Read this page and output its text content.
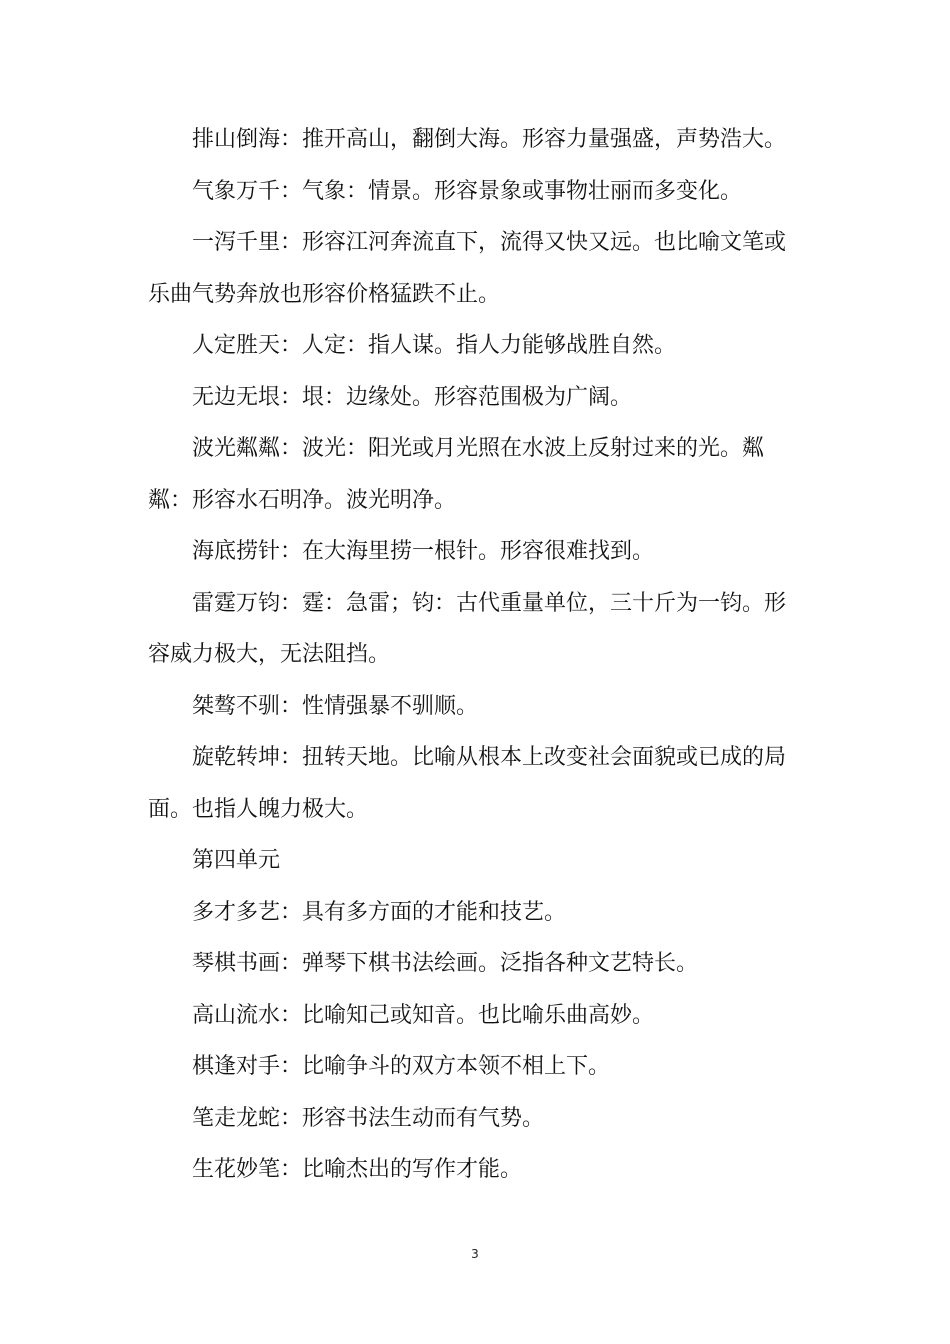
排山倒海：推开高山，翻倒大海。形容力量强盛，声势浩大。

气象万千：气象：情景。形容景象或事物壮丽而多变化。

一泻千里：形容江河奔流直下，流得又快又远。也比喻文笔或乐曲气势奔放也形容价格猛跌不止。

人定胜天：人定：指人谋。指人力能够战胜自然。

无边无垠：垠：边缘处。形容范围极为广阔。

波光粼粼：波光：阳光或月光照在水波上反射过来的光。粼粼：形容水石明净。波光明净。

海底捞针：在大海里捞一根针。形容很难找到。

雷霆万钧：霆：急雷；钧：古代重量单位，三十斤为一钧。形容威力极大，无法阻挡。

桀骜不驯：性情强暴不驯顺。

旋乾转坤：扭转天地。比喻从根本上改变社会面貌或已成的局面。也指人魄力极大。

第四单元

多才多艺：具有多方面的才能和技艺。

琴棋书画：弹琴下棋书法绘画。泛指各种文艺特长。

高山流水：比喻知己或知音。也比喻乐曲高妙。

棋逢对手：比喻争斗的双方本领不相上下。

笔走龙蛇：形容书法生动而有气势。

生花妙笔：比喻杰出的写作才能。

3
